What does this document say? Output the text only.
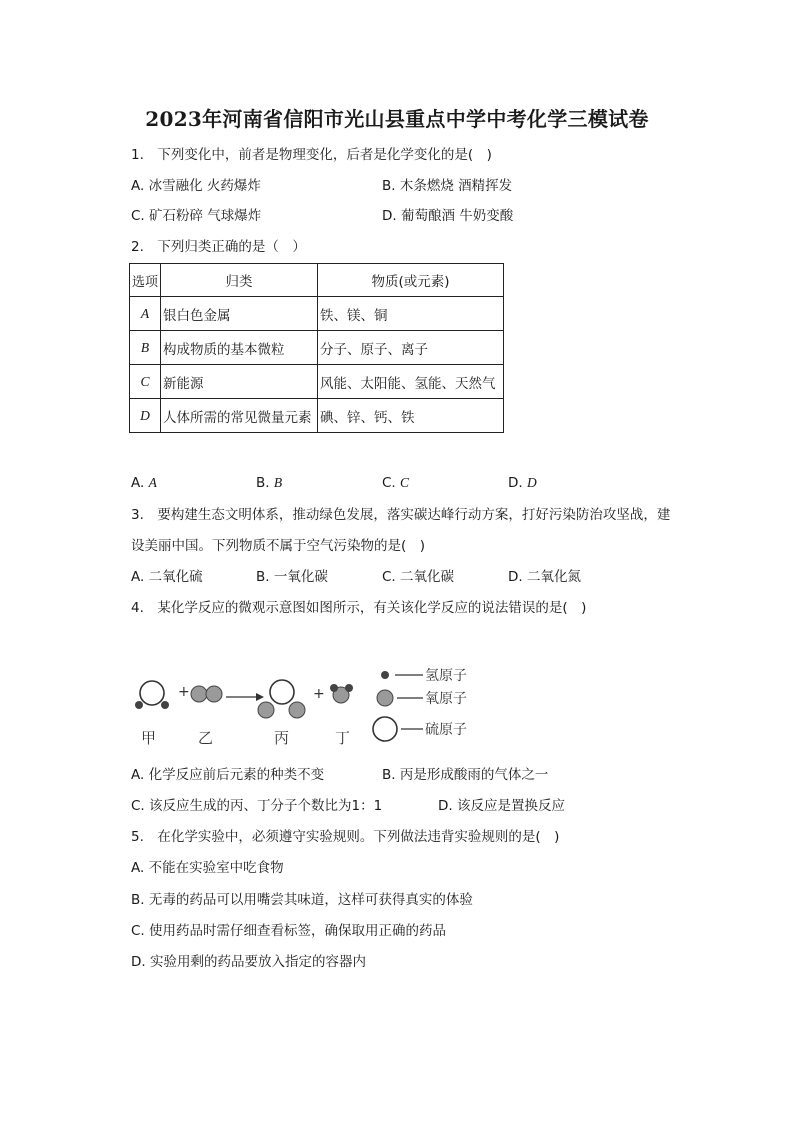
2023年河南省信阳市光山县重点中学中考化学三模试卷
1.　下列变化中，前者是物理变化，后者是化学变化的是(　)
A. 冰雪融化 火药爆炸	B. 木条燃烧 酒精挥发
C. 矿石粉碎 气球爆炸	D. 葡萄酿酒 牛奶变酸
2.　下列归类正确的是（　）
选项	归类	物质(或元素)
A	银白色金属	铁、镁、铜
B	构成物质的基本微粒	分子、原子、离子
C	新能源	风能、太阳能、氢能、天然气
D	人体所需的常见微量元素	碘、锌、钙、铁
A. A	B. B	C. C	D. D
3.　要构建生态文明体系，推动绿色发展，落实碳达峰行动方案，打好污染防治攻坚战，建
设美丽中国。下列物质不属于空气污染物的是(　)
A. 二氧化硫	B. 一氧化碳	C. 二氧化碳	D. 二氧化氮
4.　某化学反应的微观示意图如图所示，有关该化学反应的说法错误的是(　)
+	+
甲	乙	丙	丁
氢原子
氧原子
硫原子
A. 化学反应前后元素的种类不变	B. 丙是形成酸雨的气体之一
C. 该反应生成的丙、丁分子个数比为1：1	D. 该反应是置换反应
5.　在化学实验中，必须遵守实验规则。下列做法违背实验规则的是(　)
A. 不能在实验室中吃食物
B. 无毒的药品可以用嘴尝其味道，这样可获得真实的体验
C. 使用药品时需仔细查看标签，确保取用正确的药品
D. 实验用剩的药品要放入指定的容器内
